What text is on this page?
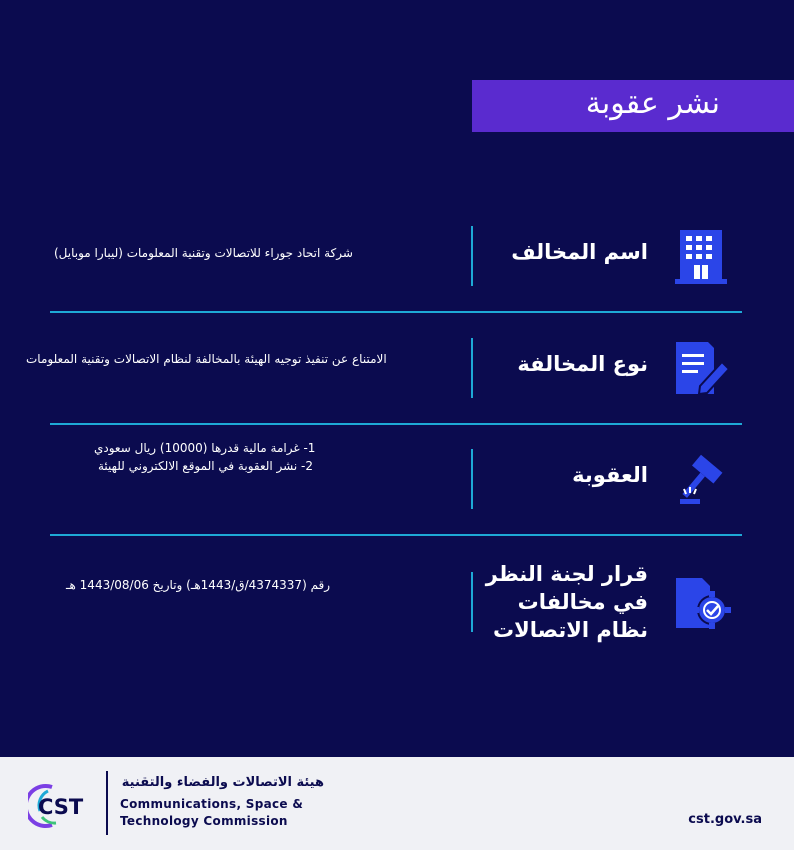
نشر عقوبة
اسم المخالف
شركة اتحاد جوراء للاتصالات وتقنية المعلومات (ليبارا موبايل)
نوع المخالفة
الامتناع عن تنفيذ توجيه الهيئة بالمخالفة لنظام الاتصالات وتقنية المعلومات
العقوبة
1- غرامة مالية قدرها (10000) ريال سعودي
2- نشر العقوبة في الموقع الالكتروني للهيئة
قرار لجنة النظر
في مخالفات
نظام الاتصالات
رقم (4374337/ق/1443هـ) وتاريخ 1443/08/06 هـ
CST
هيئة الاتصالات والفضاء والتقنية
Communications, Space &
Technology Commission	cst.gov.sa
